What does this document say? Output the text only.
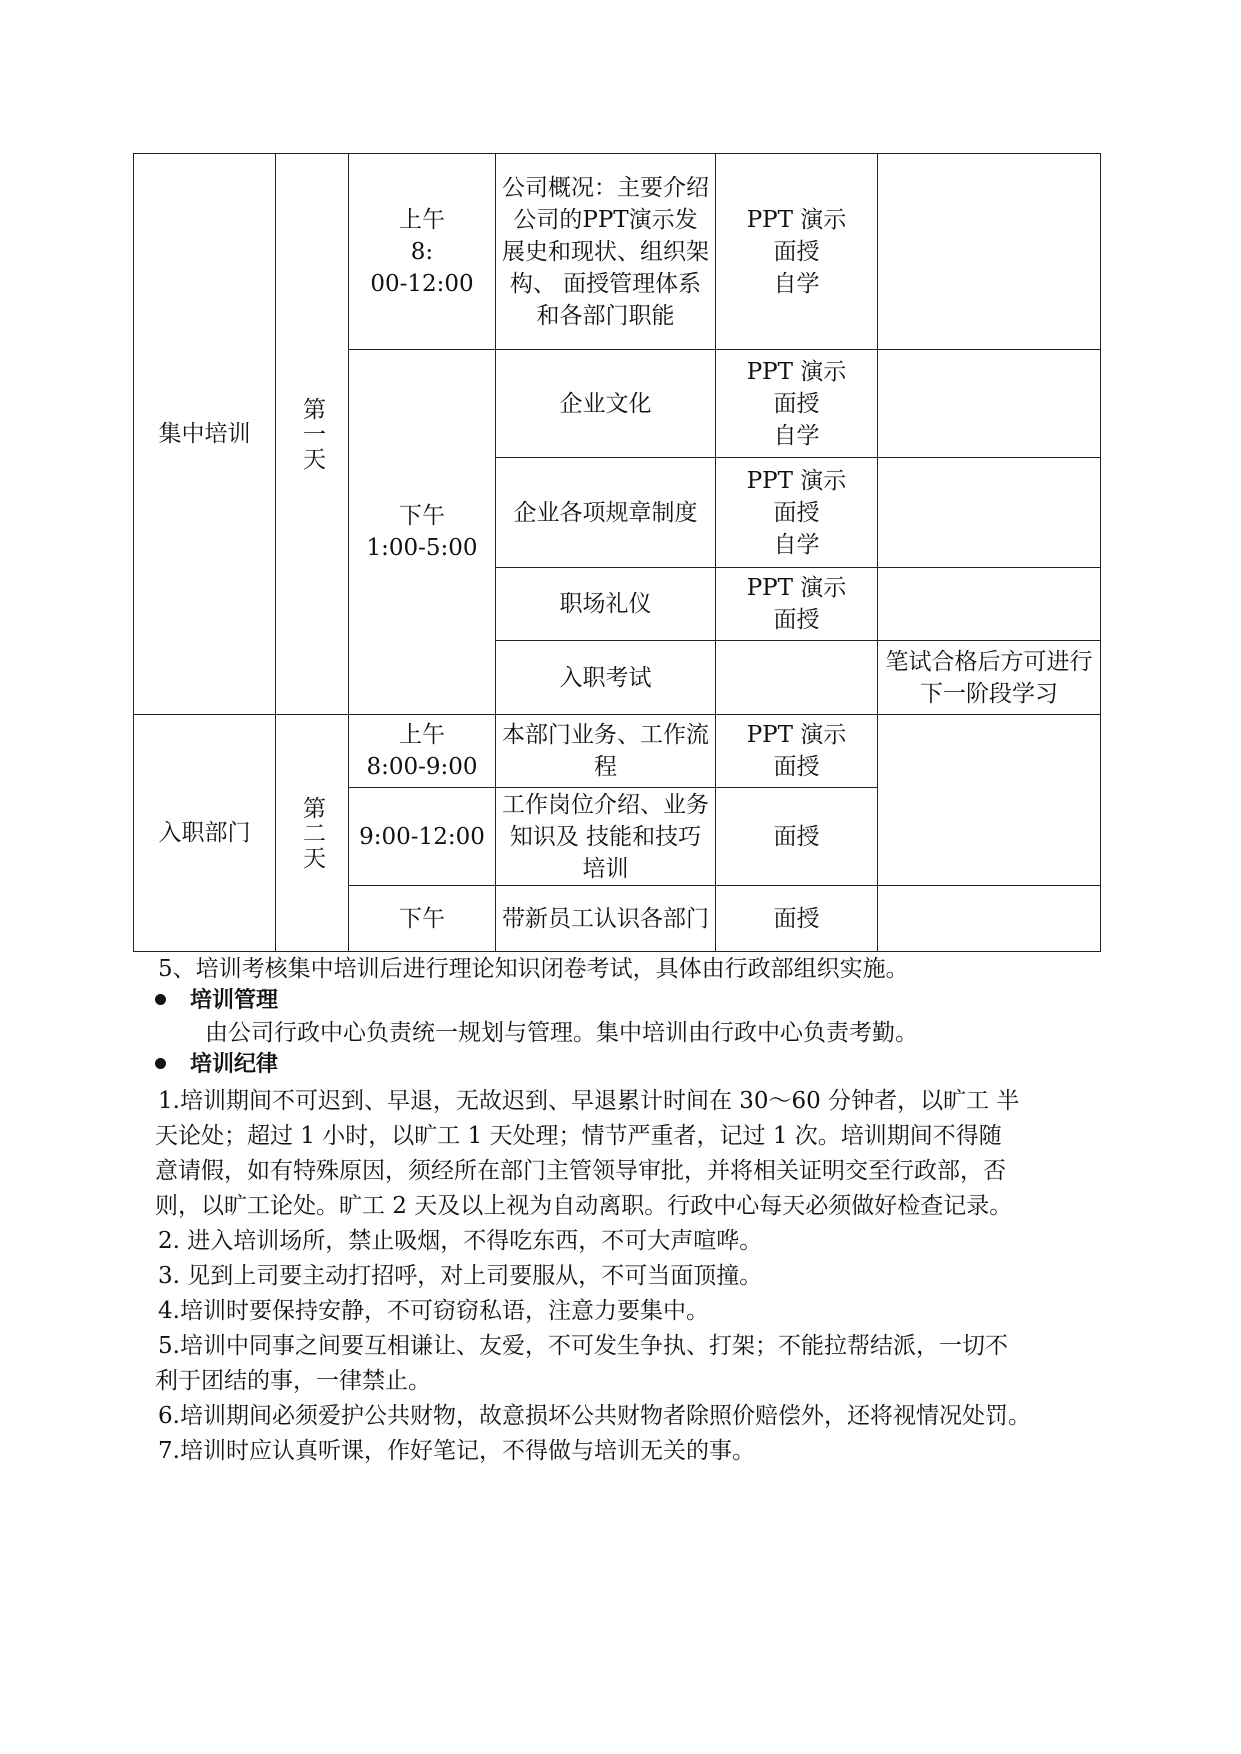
集中培训	第一天	上午
8:
00-12:00	公司概况：主要介绍公司的PPT演示发展史和现状、组织架构、 面授管理体系和各部门职能	PPT 演示
面授
自学	

		下午
1:00-5:00	企业文化	PPT 演示
面授
自学	

			企业各项规章制度	PPT 演示
面授
自学	

			职场礼仪	PPT 演示
面授	

			入职考试		笔试合格后方可进行下一阶段学习
入职部门	第二天	上午
8:00-9:00	本部门业务、工作流程	PPT 演示
面授	

		9:00-12:00	工作岗位介绍、业务知识及 技能和技巧培训	面授	
		下午	带新员工认识各部门	面授	
5、培训考核集中培训后进行理论知识闭卷考试，具体由行政部组织实施。
培训管理
由公司行政中心负责统一规划与管理。集中培训由行政中心负责考勤。
培训纪律
1.培训期间不可迟到、早退，无故迟到、早退累计时间在 30～60 分钟者，以旷工 半
天论处；超过 1 小时，以旷工 1 天处理；情节严重者，记过 1 次。培训期间不得随
意请假，如有特殊原因，须经所在部门主管领导审批，并将相关证明交至行政部，否
则，以旷工论处。旷工 2 天及以上视为自动离职。行政中心每天必须做好检查记录。
2. 进入培训场所，禁止吸烟，不得吃东西，不可大声喧哗。
3. 见到上司要主动打招呼，对上司要服从，不可当面顶撞。
4.培训时要保持安静，不可窃窃私语，注意力要集中。
5.培训中同事之间要互相谦让、友爱，不可发生争执、打架；不能拉帮结派，一切不
利于团结的事，一律禁止。
6.培训期间必须爱护公共财物，故意损坏公共财物者除照价赔偿外，还将视情况处罚。
7.培训时应认真听课，作好笔记，不得做与培训无关的事。
